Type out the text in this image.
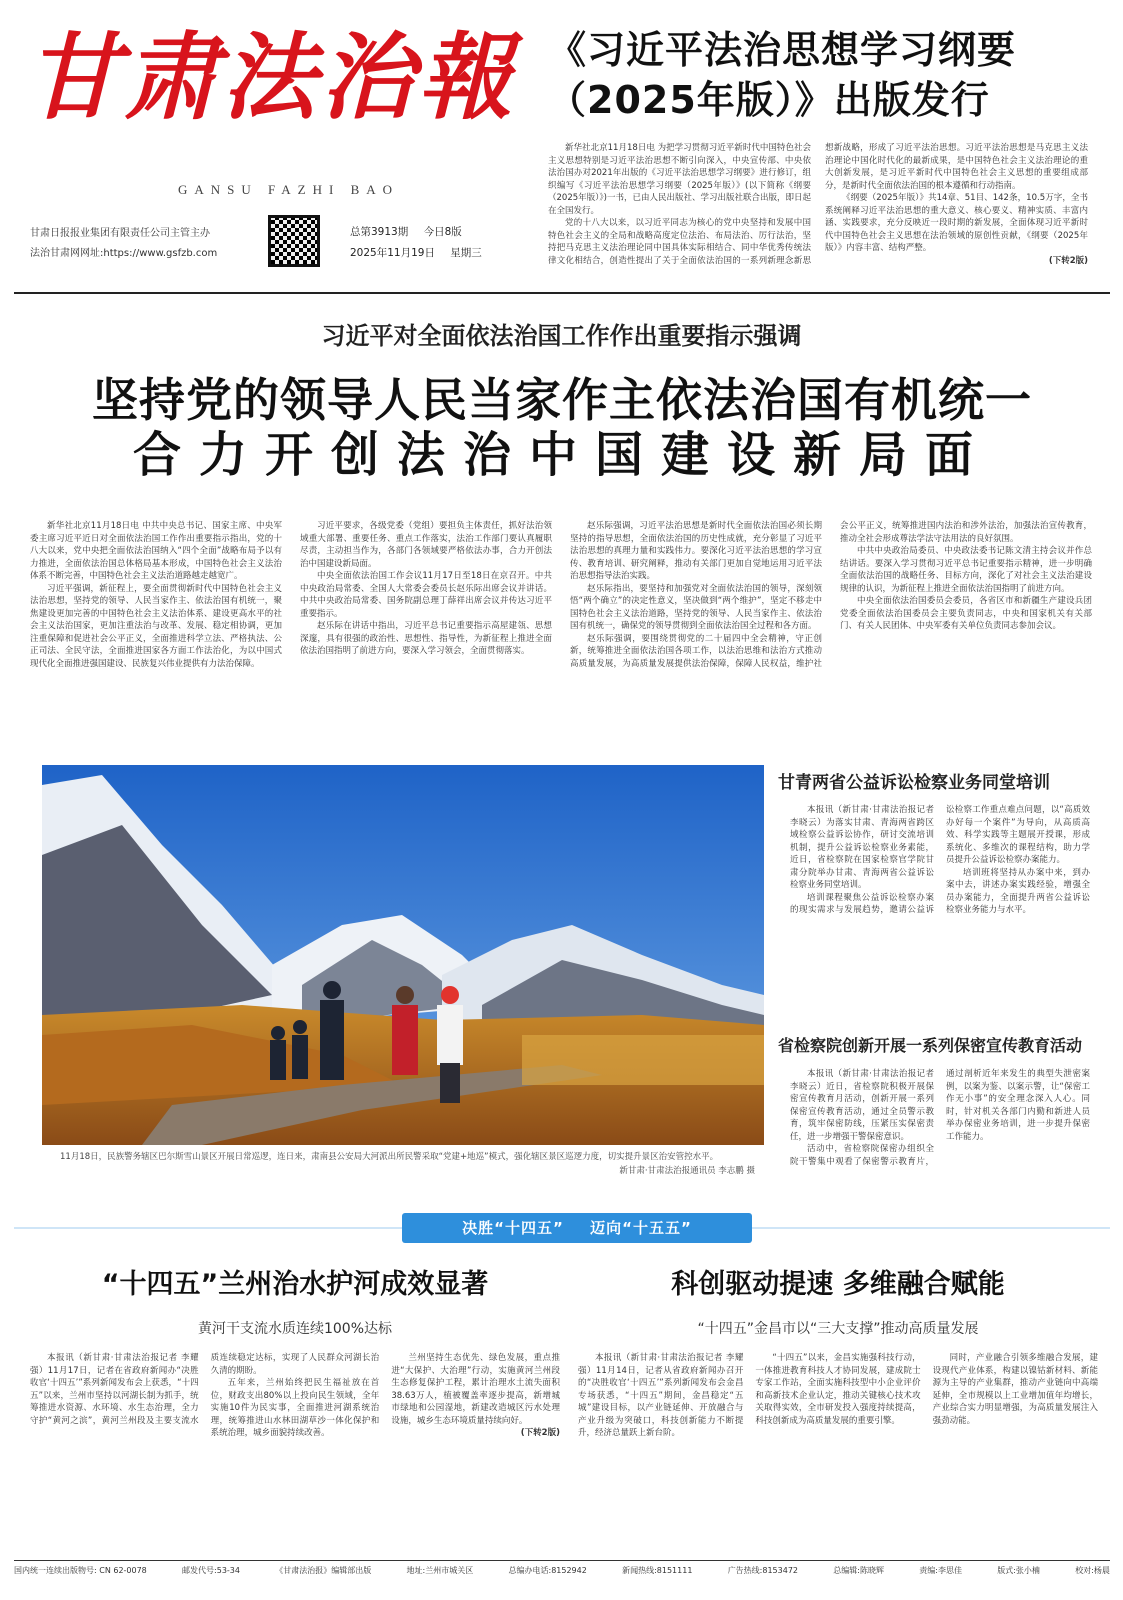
甘肃法治報
GANSU FAZHI BAO
甘肃日报报业集团有限责任公司主管主办
法治甘肃网网址:https://www.gsfzb.com
总第3913期 今日8版
2025年11月19日 星期三
《习近平法治思想学习纲要
（2025年版）》出版发行

新华社北京11月18日电 为把学习贯彻习近平新时代中国特色社会主义思想特别是习近平法治思想不断引向深入，中央宣传部、中央依法治国办对2021年出版的《习近平法治思想学习纲要》进行修订，组织编写《习近平法治思想学习纲要（2025年版）》(以下简称《纲要（2025年版）》)一书，已由人民出版社、学习出版社联合出版，即日起在全国发行。

党的十八大以来，以习近平同志为核心的党中央坚持和发展中国特色社会主义的全局和战略高度定位法治、布局法治、厉行法治，坚持把马克思主义法治理论同中国具体实际相结合、同中华优秀传统法律文化相结合，创造性提出了关于全面依法治国的一系列新理念新思想新战略，形成了习近平法治思想。习近平法治思想是马克思主义法治理论中国化时代化的最新成果，是中国特色社会主义法治理论的重大创新发展，是习近平新时代中国特色社会主义思想的重要组成部分，是新时代全面依法治国的根本遵循和行动指南。

《纲要（2025年版）》共14章、51目、142条，10.5万字，全书系统阐释习近平法治思想的重大意义、核心要义、精神实质、丰富内涵、实践要求，充分反映近一段时期的新发展，全面体现习近平新时代中国特色社会主义思想在法治领域的原创性贡献，《纲要（2025年版）》内容丰富、结构严整。

(下转2版)

习近平对全面依法治国工作作出重要指示强调
坚持党的领导人民当家作主依法治国有机统一
合力开创法治中国建设新局面

新华社北京11月18日电 中共中央总书记、国家主席、中央军委主席习近平近日对全面依法治国工作作出重要指示指出，党的十八大以来，党中央把全面依法治国纳入“四个全面”战略布局予以有力推进，全面依法治国总体格局基本形成，中国特色社会主义法治体系不断完善，中国特色社会主义法治道路越走越宽广。

习近平强调，新征程上，要全面贯彻新时代中国特色社会主义法治思想，坚持党的领导、人民当家作主、依法治国有机统一，聚焦建设更加完善的中国特色社会主义法治体系、建设更高水平的社会主义法治国家，更加注重法治与改革、发展、稳定相协调，更加注重保障和促进社会公平正义，全面推进科学立法、严格执法、公正司法、全民守法，全面推进国家各方面工作法治化，为以中国式现代化全面推进强国建设、民族复兴伟业提供有力法治保障。

习近平要求，各级党委（党组）要担负主体责任，抓好法治领域重大部署、重要任务、重点工作落实，法治工作部门要认真履职尽责，主动担当作为，各部门各领域要严格依法办事，合力开创法治中国建设新局面。

中央全面依法治国工作会议11月17日至18日在京召开。中共中央政治局常委、全国人大常委会委员长赵乐际出席会议并讲话。中共中央政治局常委、国务院副总理丁薛祥出席会议并传达习近平重要指示。

赵乐际在讲话中指出，习近平总书记重要指示高屋建瓴、思想深邃，具有很强的政治性、思想性、指导性，为新征程上推进全面依法治国指明了前进方向，要深入学习领会，全面贯彻落实。

赵乐际强调，习近平法治思想是新时代全面依法治国必须长期坚持的指导思想，全面依法治国的历史性成就，充分彰显了习近平法治思想的真理力量和实践伟力。要深化习近平法治思想的学习宣传、教育培训、研究阐释，推动有关部门更加自觉地运用习近平法治思想指导法治实践。

赵乐际指出，要坚持和加强党对全面依法治国的领导，深刻领悟“两个确立”的决定性意义，坚决做到“两个维护”，坚定不移走中国特色社会主义法治道路，坚持党的领导、人民当家作主、依法治国有机统一，确保党的领导贯彻到全面依法治国全过程和各方面。

赵乐际强调，要围绕贯彻党的二十届四中全会精神，守正创新，统筹推进全面依法治国各项工作，以法治思维和法治方式推动高质量发展，为高质量发展提供法治保障，保障人民权益，维护社会公平正义，统筹推进国内法治和涉外法治，加强法治宣传教育，推动全社会形成尊法学法守法用法的良好氛围。

中共中央政治局委员、中央政法委书记陈文清主持会议并作总结讲话。要深入学习贯彻习近平总书记重要指示精神，进一步明确全面依法治国的战略任务、目标方向，深化了对社会主义法治建设规律的认识，为新征程上推进全面依法治国指明了前进方向。

中央全面依法治国委员会委员，各省区市和新疆生产建设兵团党委全面依法治国委员会主要负责同志，中央和国家机关有关部门、有关人民团体、中央军委有关单位负责同志参加会议。

11月18日，民族警务辖区巴尔斯雪山景区开展日常巡逻，连日来，肃南县公安局大河派出所民警采取“党建+地巡”模式，强化辖区景区巡逻力度，切实提升景区治安管控水平。
新甘肃·甘肃法治报通讯员 李志鹏 摄
甘青两省公益诉讼检察业务同堂培训

本报讯（新甘肃·甘肃法治报记者 李晓云）为落实甘肃、青海两省跨区域检察公益诉讼协作，研讨交流培训机制，提升公益诉讼检察业务素能，近日，省检察院在国家检察官学院甘肃分院举办甘肃、青海两省公益诉讼检察业务同堂培训。

培训课程聚焦公益诉讼检察办案的现实需求与发展趋势，邀请公益诉讼检察工作重点难点问题，以“高质效办好每一个案件”为导向，从高质高效、科学实践等主题展开授课，形成系统化、多维次的课程结构，助力学员提升公益诉讼检察办案能力。

培训班将坚持从办案中来，到办案中去，讲述办案实践经验，增强全员办案能力，全面提升两省公益诉讼检察业务能力与水平。

省检察院创新开展一系列保密宣传教育活动

本报讯（新甘肃·甘肃法治报记者 李晓云）近日，省检察院积极开展保密宣传教育月活动，创新开展一系列保密宣传教育活动，通过全员警示教育，筑牢保密防线，压紧压实保密责任，进一步增强干警保密意识。

活动中，省检察院保密办组织全院干警集中观看了保密警示教育片，通过剖析近年来发生的典型失泄密案例，以案为鉴、以案示警，让“保密工作无小事”的安全理念深入人心。同时，针对机关各部门内勤和新进人员举办保密业务培训，进一步提升保密工作能力。

决胜“十四五” 迈向“十五五”
“十四五”兰州治水护河成效显著
黄河干支流水质连续100%达标

本报讯（新甘肃·甘肃法治报记者 李耀强）11月17日，记者在省政府新闻办“决胜收官‘十四五’”系列新闻发布会上获悉，“十四五”以来，兰州市坚持以河湖长制为抓手，统筹推进水资源、水环境、水生态治理，全力守护“黄河之滨”，黄河兰州段及主要支流水质连续稳定达标，实现了人民群众河湖长治久清的期盼。

五年来，兰州始终把民生福祉放在首位，财政支出80%以上投向民生领域，全年实施10件为民实事，全面推进河湖系统治理，统筹推进山水林田湖草沙一体化保护和系统治理，城乡面貌持续改善。

兰州坚持生态优先、绿色发展，重点推进“大保护、大治理”行动，实施黄河兰州段生态修复保护工程，累计治理水土流失面积38.63万人，植被覆盖率逐步提高，新增城市绿地和公园湿地，新建改造城区污水处理设施，城乡生态环境质量持续向好。

(下转2版)

科创驱动提速 多维融合赋能
“十四五”金昌市以“三大支撑”推动高质量发展

本报讯（新甘肃·甘肃法治报记者 李耀强）11月14日，记者从省政府新闻办召开的“决胜收官‘十四五’”系列新闻发布会金昌专场获悉，“十四五”期间，金昌稳定“五城”建设目标，以产业链延伸、开放融合与产业升级为突破口，科技创新能力不断提升，经济总量跃上新台阶。

“十四五”以来，金昌实施强科技行动，一体推进教育科技人才协同发展，建成院士专家工作站，全面实施科技型中小企业评价和高新技术企业认定，推动关键核心技术攻关取得实效，全市研发投入强度持续提高，科技创新成为高质量发展的重要引擎。

同时，产业融合引领多维融合发展，建设现代产业体系，构建以镍钴新材料、新能源为主导的产业集群，推动产业链向中高端延伸，全市规模以上工业增加值年均增长，产业综合实力明显增强，为高质量发展注入强劲动能。

国内统一连续出版物号: CN 62-0078	邮发代号:53-34	《甘肃法治报》编辑部出版	地址:兰州市城关区	总编办电话:8152942	新闻热线:8151111	广告热线:8153472	总编辑:陈晓辉	责编:李思佳	版式:张小楠	校对:杨晨
